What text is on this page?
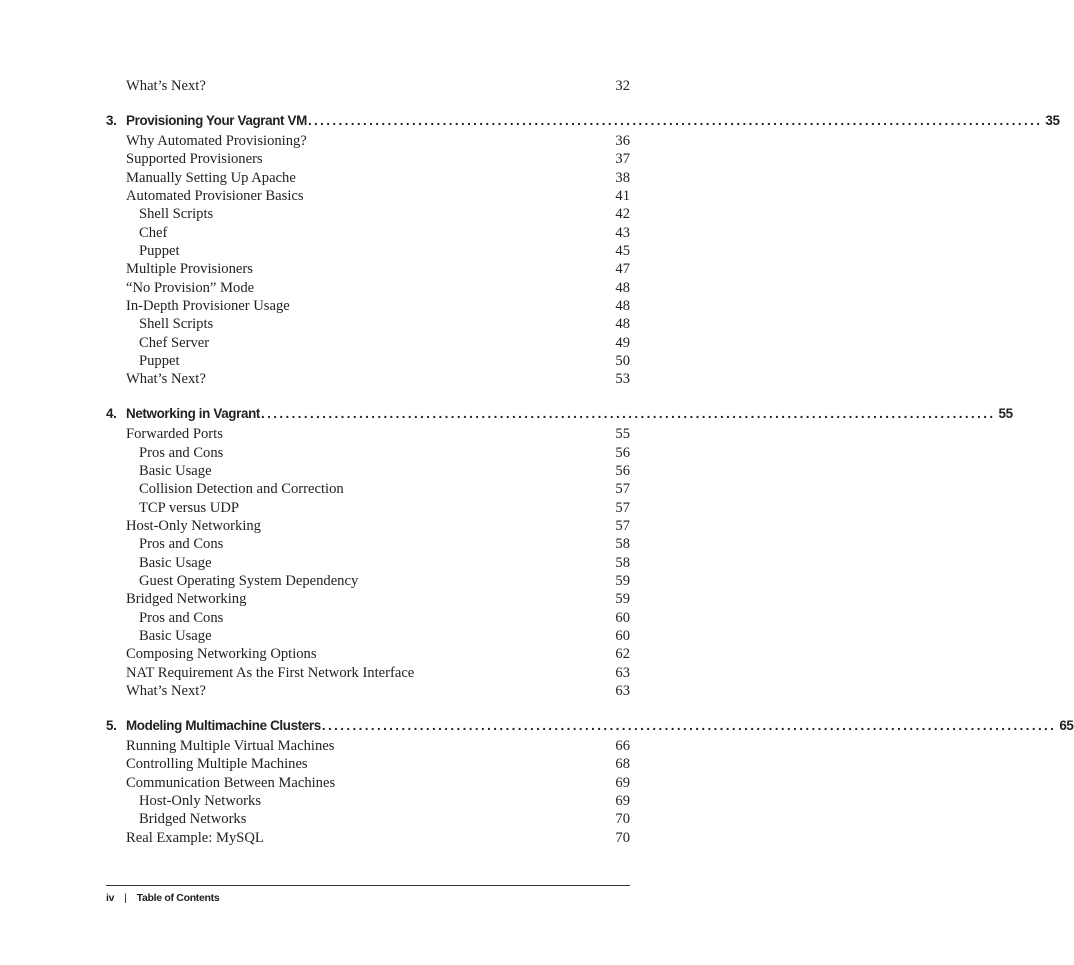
What’s Next?	32
3. Provisioning Your Vagrant VM ........................................................................................................................ 35
Why Automated Provisioning?	36
Supported Provisioners	37
Manually Setting Up Apache	38
Automated Provisioner Basics	41
Shell Scripts	42
Chef	43
Puppet	45
Multiple Provisioners	47
“No Provision” Mode	48
In-Depth Provisioner Usage	48
Shell Scripts	48
Chef Server	49
Puppet	50
What’s Next?	53
4. Networking in Vagrant ........................................................................................................................ 55
Forwarded Ports	55
Pros and Cons	56
Basic Usage	56
Collision Detection and Correction	57
TCP versus UDP	57
Host-Only Networking	57
Pros and Cons	58
Basic Usage	58
Guest Operating System Dependency	59
Bridged Networking	59
Pros and Cons	60
Basic Usage	60
Composing Networking Options	62
NAT Requirement As the First Network Interface	63
What’s Next?	63
5. Modeling Multimachine Clusters ........................................................................................................................ 65
Running Multiple Virtual Machines	66
Controlling Multiple Machines	68
Communication Between Machines	69
Host-Only Networks	69
Bridged Networks	70
Real Example: MySQL	70
iv | Table of Contents
